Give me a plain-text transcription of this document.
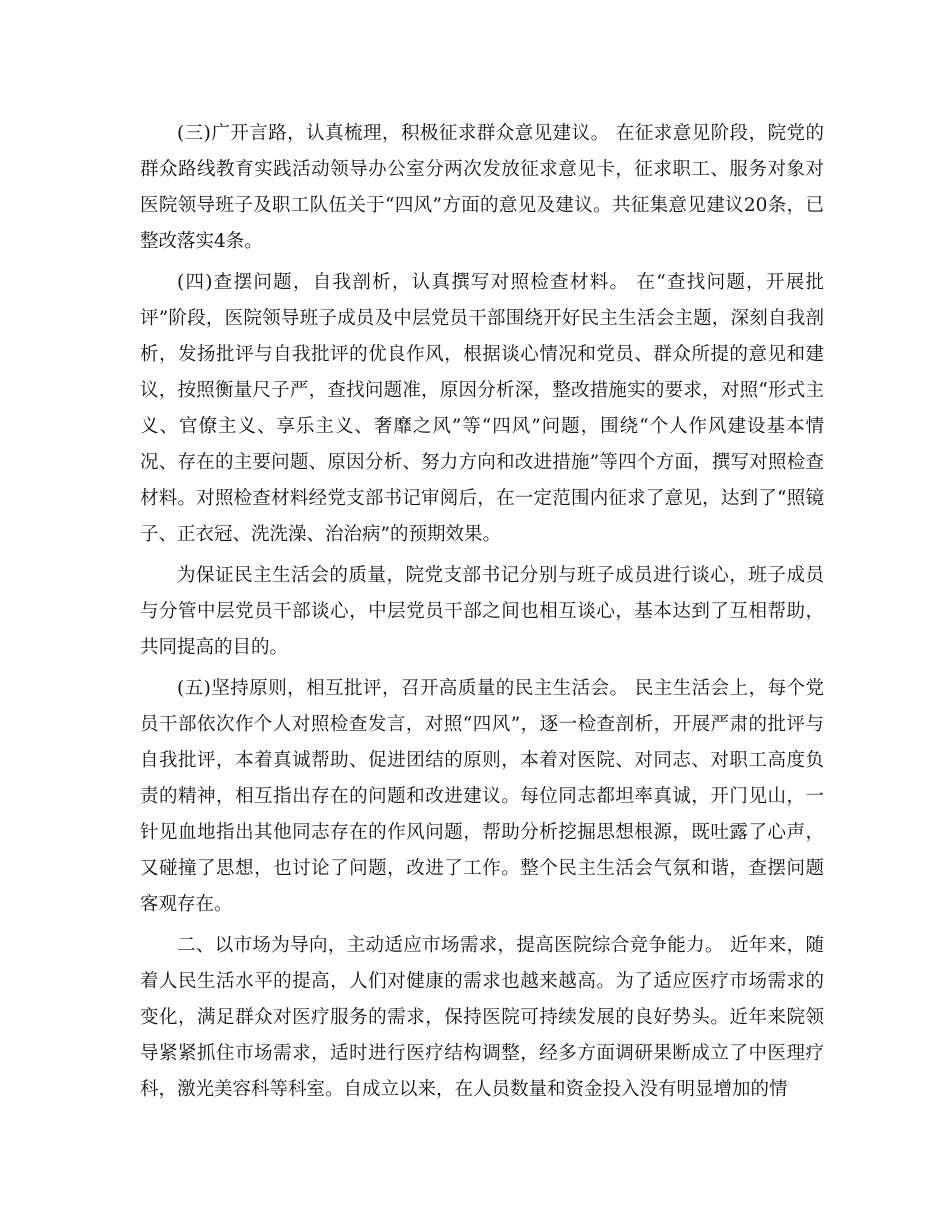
(三)广开言路，认真梳理，积极征求群众意见建议。 在征求意见阶段，院党的群众路线教育实践活动领导办公室分两次发放征求意见卡，征求职工、服务对象对医院领导班子及职工队伍关于“四风”方面的意见及建议。共征集意见建议20条，已整改落实4条。

(四)查摆问题，自我剖析，认真撰写对照检查材料。 在“查找问题，开展批评”阶段，医院领导班子成员及中层党员干部围绕开好民主生活会主题，深刻自我剖析，发扬批评与自我批评的优良作风，根据谈心情况和党员、群众所提的意见和建议，按照衡量尺子严，查找问题准，原因分析深，整改措施实的要求，对照“形式主义、官僚主义、享乐主义、奢靡之风”等“四风”问题，围绕“个人作风建设基本情况、存在的主要问题、原因分析、努力方向和改进措施”等四个方面，撰写对照检查材料。对照检查材料经党支部书记审阅后，在一定范围内征求了意见，达到了“照镜子、正衣冠、洗洗澡、治治病”的预期效果。

为保证民主生活会的质量，院党支部书记分别与班子成员进行谈心，班子成员与分管中层党员干部谈心，中层党员干部之间也相互谈心，基本达到了互相帮助，共同提高的目的。

(五)坚持原则，相互批评，召开高质量的民主生活会。 民主生活会上，每个党员干部依次作个人对照检查发言，对照“四风”，逐一检查剖析，开展严肃的批评与自我批评，本着真诚帮助、促进团结的原则，本着对医院、对同志、对职工高度负责的精神，相互指出存在的问题和改进建议。每位同志都坦率真诚，开门见山，一针见血地指出其他同志存在的作风问题，帮助分析挖掘思想根源，既吐露了心声，又碰撞了思想，也讨论了问题，改进了工作。整个民主生活会气氛和谐，查摆问题客观存在。

二、以市场为导向，主动适应市场需求，提高医院综合竞争能力。 近年来，随着人民生活水平的提高，人们对健康的需求也越来越高。为了适应医疗市场需求的变化，满足群众对医疗服务的需求，保持医院可持续发展的良好势头。近年来院领导紧紧抓住市场需求，适时进行医疗结构调整，经多方面调研果断成立了中医理疗科，激光美容科等科室。自成立以来，在人员数量和资金投入没有明显增加的情
